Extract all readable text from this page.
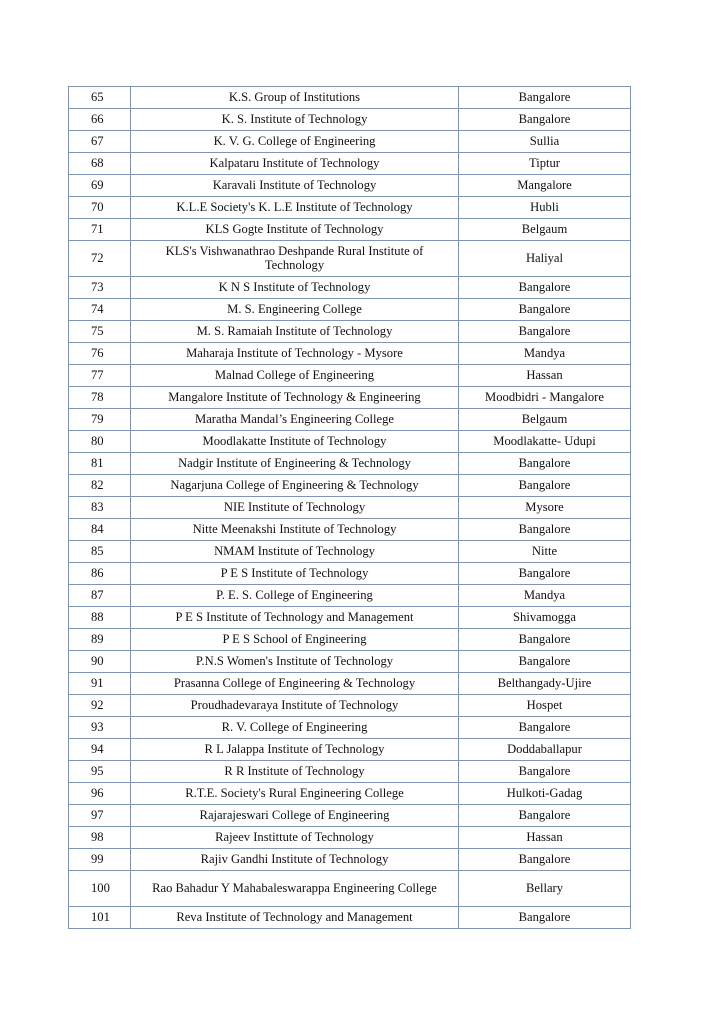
65	K.S. Group of Institutions	Bangalore
66	K. S. Institute of Technology	Bangalore
67	K. V. G. College of Engineering	Sullia
68	Kalpataru Institute of Technology	Tiptur
69	Karavali Institute of Technology	Mangalore
70	K.L.E Society's K. L.E Institute of Technology	Hubli
71	KLS Gogte Institute of Technology	Belgaum
72	KLS's Vishwanathrao Deshpande Rural Institute of Technology	Haliyal
73	K N S Institute of Technology	Bangalore
74	M. S. Engineering College	Bangalore
75	M. S. Ramaiah Institute of Technology	Bangalore
76	Maharaja Institute of Technology - Mysore	Mandya
77	Malnad College of Engineering	Hassan
78	Mangalore Institute of Technology & Engineering	Moodbidri - Mangalore
79	Maratha Mandal’s Engineering College	Belgaum
80	Moodlakatte Institute of Technology	Moodlakatte- Udupi
81	Nadgir Institute of Engineering & Technology	Bangalore
82	Nagarjuna College of Engineering & Technology	Bangalore
83	NIE Institute of Technology	Mysore
84	Nitte Meenakshi Institute of Technology	Bangalore
85	NMAM Institute of Technology	Nitte
86	P E S Institute of Technology	Bangalore
87	P. E. S. College of Engineering	Mandya
88	P E S Institute of Technology and Management	Shivamogga
89	P E S School of Engineering	Bangalore
90	P.N.S Women's Institute of Technology	Bangalore
91	Prasanna College of Engineering & Technology	Belthangady-Ujire
92	Proudhadevaraya Institute of Technology	Hospet
93	R. V. College of Engineering	Bangalore
94	R L Jalappa Institute of Technology	Doddaballapur
95	R R Institute of Technology	Bangalore
96	R.T.E. Society's Rural Engineering College	Hulkoti-Gadag
97	Rajarajeswari College of Engineering	Bangalore
98	Rajeev Instittute of Technology	Hassan
99	Rajiv Gandhi Institute of Technology	Bangalore
100	Rao Bahadur Y Mahabaleswarappa Engineering College	Bellary
101	Reva Institute of Technology and Management	Bangalore
